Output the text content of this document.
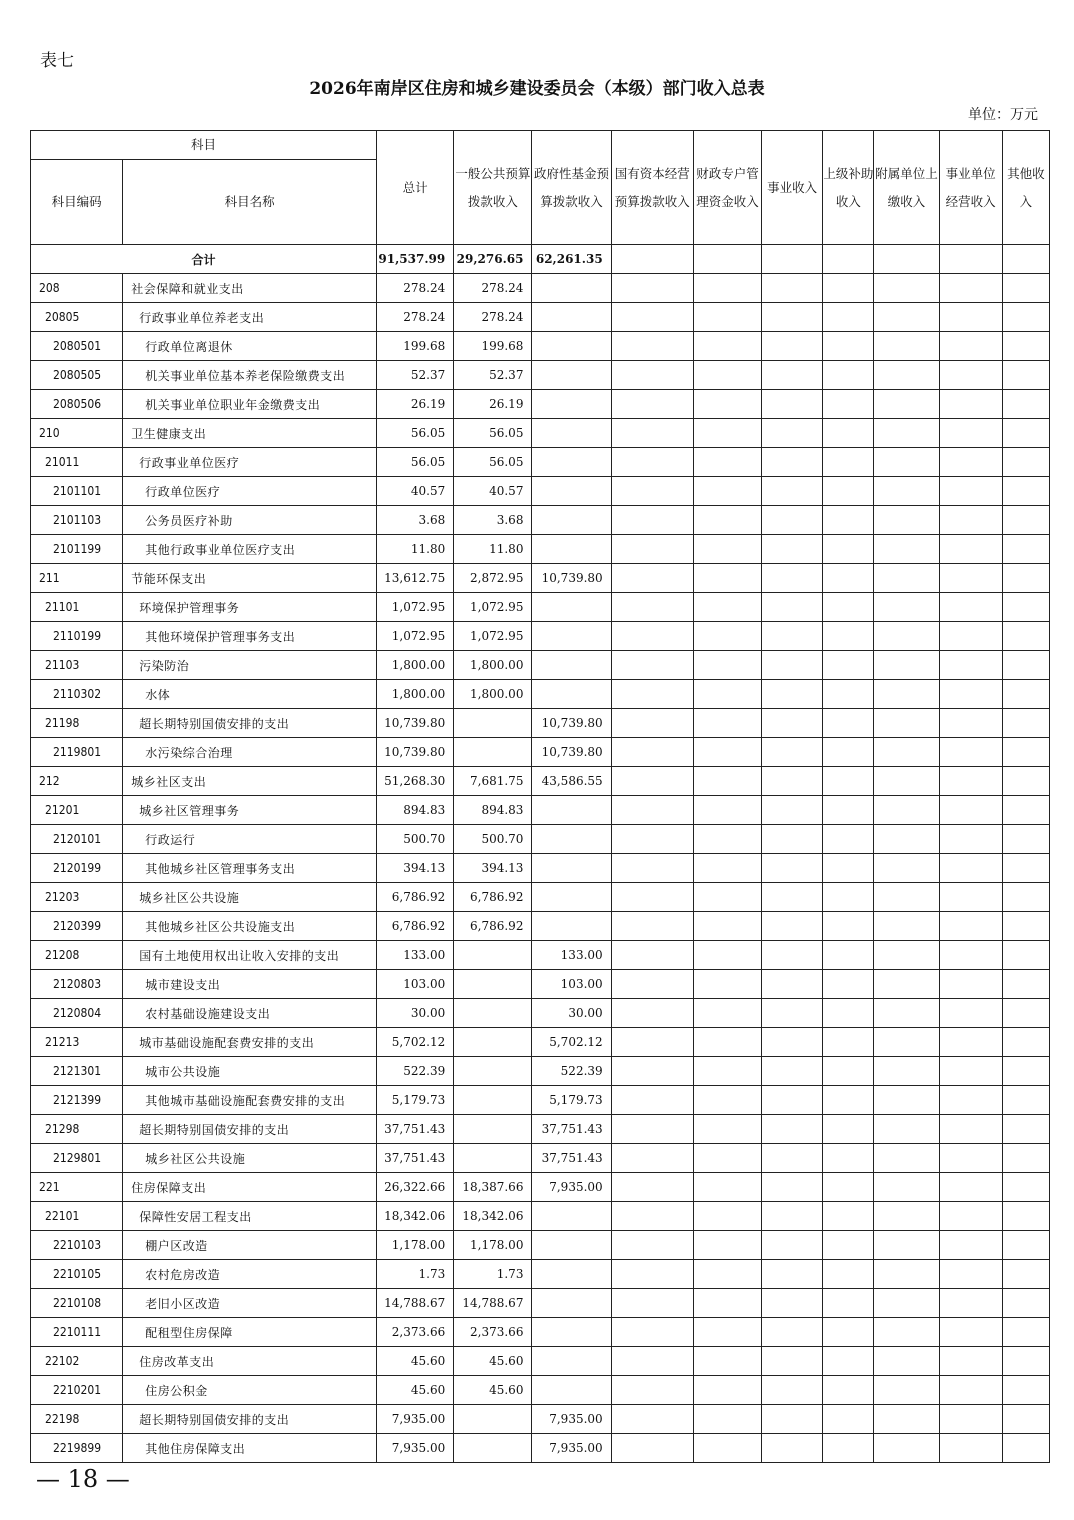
表七
2026年南岸区住房和城乡建设委员会（本级）部门收入总表
单位：万元
科目		总计	一般公共预算拨款收入	政府性基金预算拨款收入	国有资本经营预算拨款收入	财政专户管理资金收入	事业收入	上级补助收入	附属单位上缴收入	事业单位经营收入	其他收入
科目编码	科目名称										
合计		91,537.99	29,276.65	62,261.35							
208	社会保障和就业支出	278.24	278.24								
20805	行政事业单位养老支出	278.24	278.24								
2080501	行政单位离退休	199.68	199.68								
2080505	机关事业单位基本养老保险缴费支出	52.37	52.37								
2080506	机关事业单位职业年金缴费支出	26.19	26.19								
210	卫生健康支出	56.05	56.05								
21011	行政事业单位医疗	56.05	56.05								
2101101	行政单位医疗	40.57	40.57								
2101103	公务员医疗补助	3.68	3.68								
2101199	其他行政事业单位医疗支出	11.80	11.80								
211	节能环保支出	13,612.75	2,872.95	10,739.80							
21101	环境保护管理事务	1,072.95	1,072.95								
2110199	其他环境保护管理事务支出	1,072.95	1,072.95								
21103	污染防治	1,800.00	1,800.00								
2110302	水体	1,800.00	1,800.00								
21198	超长期特别国债安排的支出	10,739.80		10,739.80							
2119801	水污染综合治理	10,739.80		10,739.80							
212	城乡社区支出	51,268.30	7,681.75	43,586.55							
21201	城乡社区管理事务	894.83	894.83								
2120101	行政运行	500.70	500.70								
2120199	其他城乡社区管理事务支出	394.13	394.13								
21203	城乡社区公共设施	6,786.92	6,786.92								
2120399	其他城乡社区公共设施支出	6,786.92	6,786.92								
21208	国有土地使用权出让收入安排的支出	133.00		133.00							
2120803	城市建设支出	103.00		103.00							
2120804	农村基础设施建设支出	30.00		30.00							
21213	城市基础设施配套费安排的支出	5,702.12		5,702.12							
2121301	城市公共设施	522.39		522.39							
2121399	其他城市基础设施配套费安排的支出	5,179.73		5,179.73							
21298	超长期特别国债安排的支出	37,751.43		37,751.43							
2129801	城乡社区公共设施	37,751.43		37,751.43							
221	住房保障支出	26,322.66	18,387.66	7,935.00							
22101	保障性安居工程支出	18,342.06	18,342.06								
2210103	棚户区改造	1,178.00	1,178.00								
2210105	农村危房改造	1.73	1.73								
2210108	老旧小区改造	14,788.67	14,788.67								
2210111	配租型住房保障	2,373.66	2,373.66								
22102	住房改革支出	45.60	45.60								
2210201	住房公积金	45.60	45.60								
22198	超长期特别国债安排的支出	7,935.00		7,935.00							
2219899	其他住房保障支出	7,935.00		7,935.00							
— 18 —
